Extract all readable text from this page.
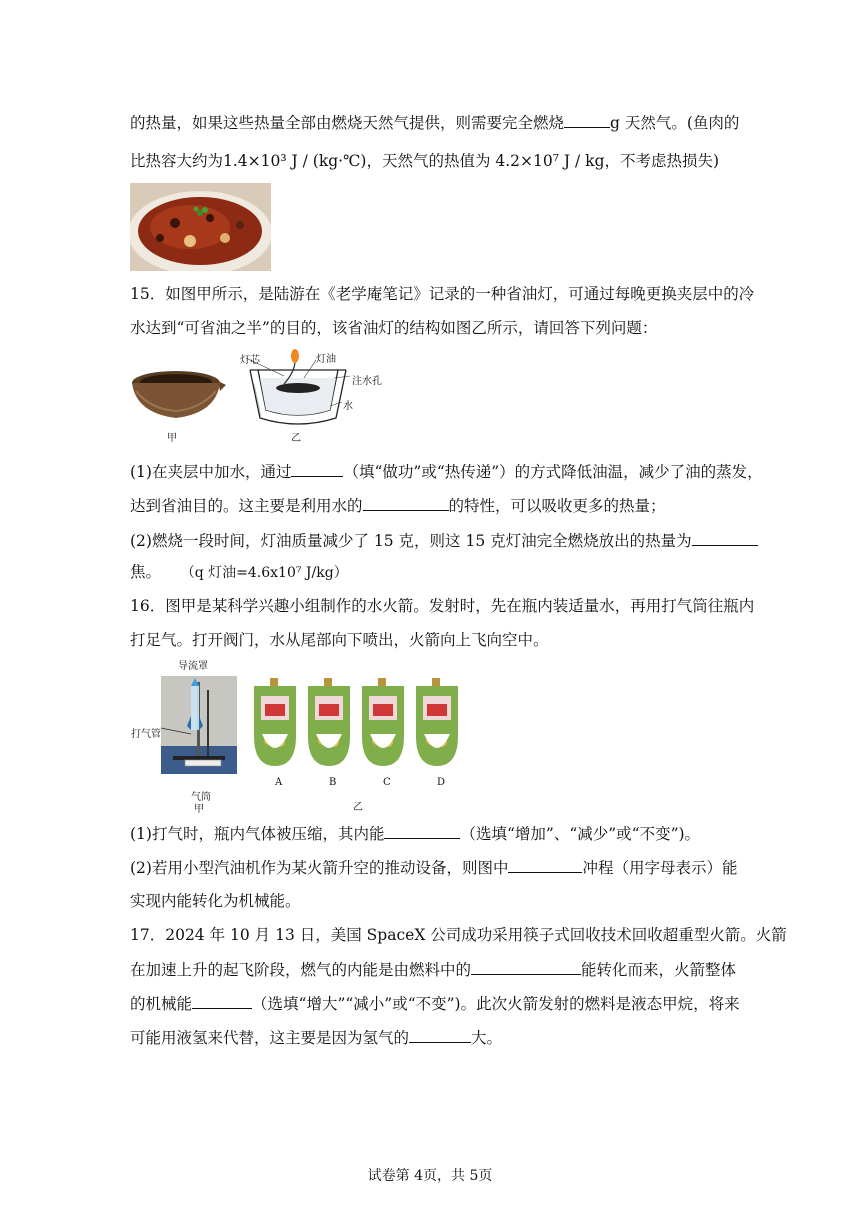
的热量，如果这些热量全部由燃烧天然气提供，则需要完全燃烧	g 天然气。(鱼肉的
比热容大约为1.4×10³ J / (kg·℃)，天然气的热值为 4.2×10⁷ J / kg，不考虑热损失)
15．如图甲所示，是陆游在《老学庵笔记》记录的一种省油灯，可通过每晚更换夹层中的冷
水达到“可省油之半”的目的，该省油灯的结构如图乙所示，请回答下列问题：
甲
灯芯	灯油
注水孔
水
乙
(1)在夹层中加水，通过	（填“做功”或“热传递”）的方式降低油温，减少了油的蒸发，
达到省油目的。这主要是利用水的	的特性，可以吸收更多的热量；
(2)燃烧一段时间，灯油质量减少了 15 克，则这 15 克灯油完全燃烧放出的热量为
焦。 （q 灯油=4.6x10⁷ J/kg）
16．图甲是某科学兴趣小组制作的水火箭。发射时，先在瓶内装适量水，再用打气筒往瓶内
打足气。打开阀门，水从尾部向下喷出，火箭向上飞向空中。
导流罩
打气管
气筒
甲
A	B	C	D
乙
(1)打气时，瓶内气体被压缩，其内能	（选填“增加”、“减少”或“不变”)。
(2)若用小型汽油机作为某火箭升空的推动设备，则图中	冲程（用字母表示）能
实现内能转化为机械能。
17．2024 年 10 月 13 日，美国 SpaceX 公司成功采用筷子式回收技术回收超重型火箭。火箭
在加速上升的起飞阶段，燃气的内能是由燃料中的	能转化而来，火箭整体
的机械能	（选填“增大”“减小”或“不变”)。此次火箭发射的燃料是液态甲烷，将来
可能用液氢来代替，这主要是因为氢气的	大。
试卷第 4页，共 5页
